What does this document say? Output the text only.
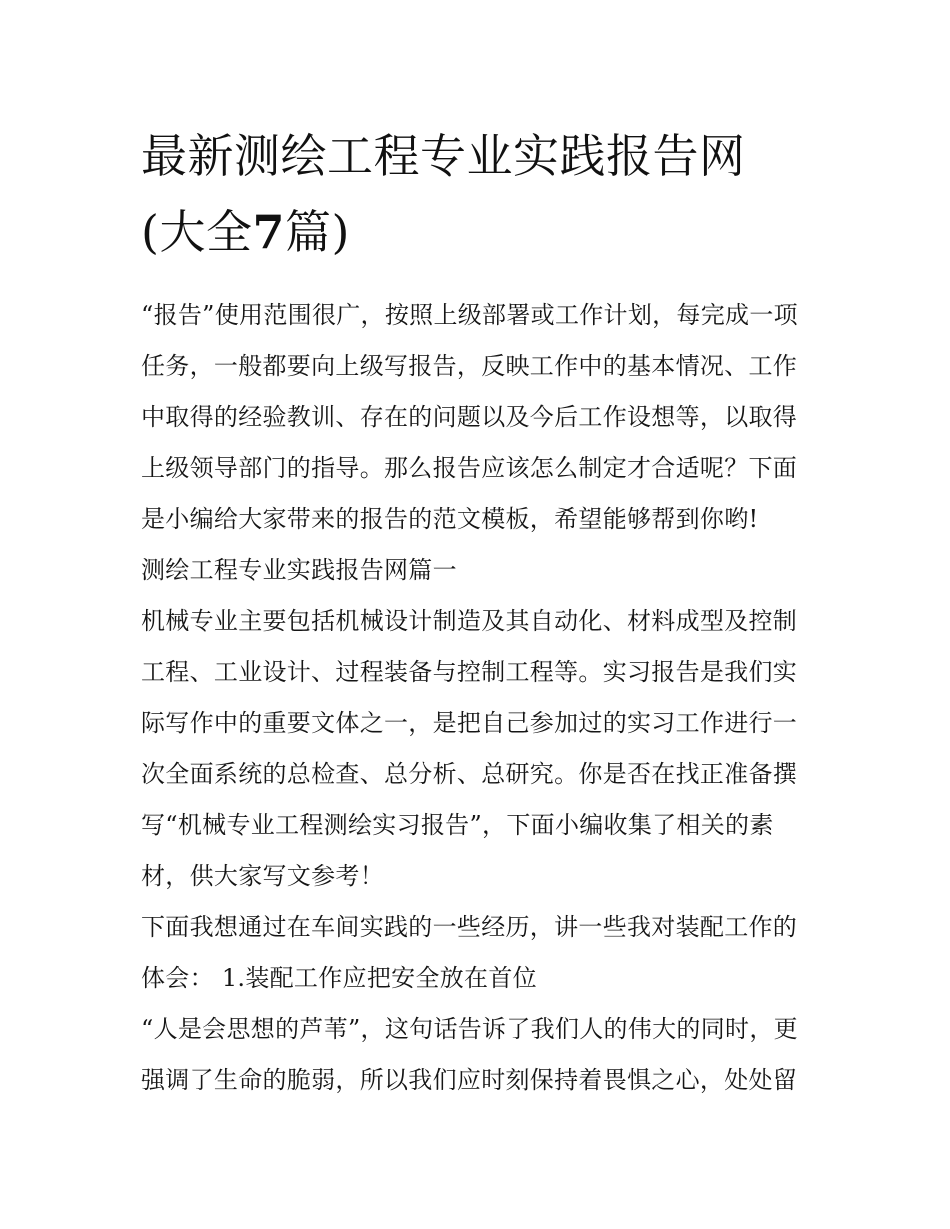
最新测绘工程专业实践报告网
(大全7篇)

“报告”使用范围很广，按照上级部署或工作计划，每完成一项
任务，一般都要向上级写报告，反映工作中的基本情况、工作
中取得的经验教训、存在的问题以及今后工作设想等，以取得
上级领导部门的指导。那么报告应该怎么制定才合适呢？下面
是小编给大家带来的报告的范文模板，希望能够帮到你哟!

测绘工程专业实践报告网篇一

机械专业主要包括机械设计制造及其自动化、材料成型及控制
工程、工业设计、过程装备与控制工程等。实习报告是我们实
际写作中的重要文体之一，是把自己参加过的实习工作进行一
次全面系统的总检查、总分析、总研究。你是否在找正准备撰
写“机械专业工程测绘实习报告”，下面小编收集了相关的素
材，供大家写文参考！

下面我想通过在车间实践的一些经历，讲一些我对装配工作的
体会： 1.装配工作应把安全放在首位

“人是会思想的芦苇”，这句话告诉了我们人的伟大的同时，更
强调了生命的脆弱，所以我们应时刻保持着畏惧之心，处处留
